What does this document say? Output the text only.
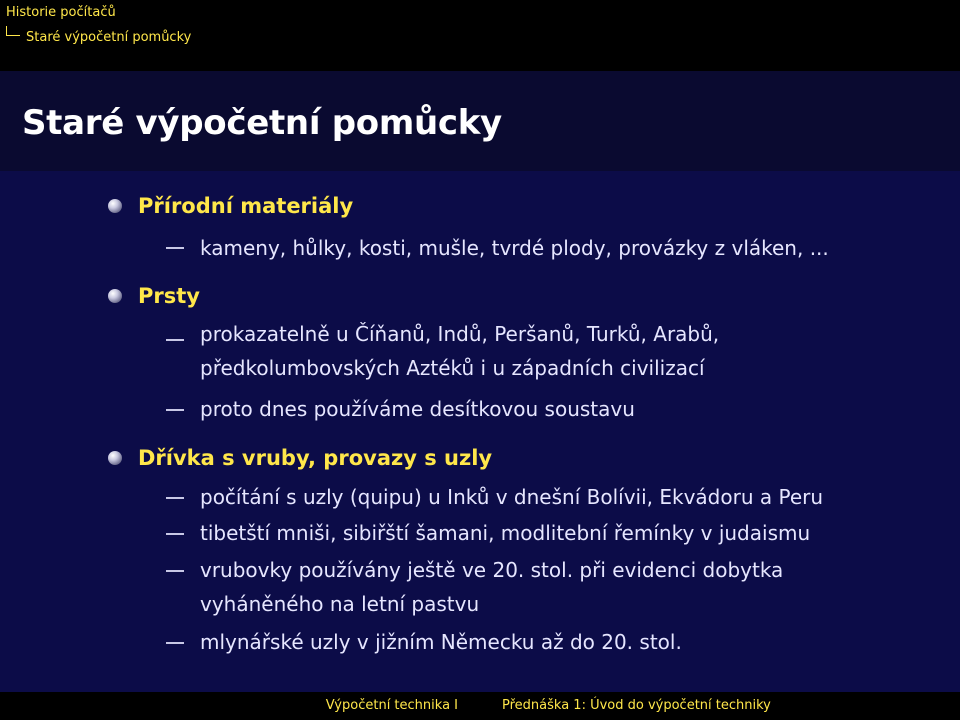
Historie počítačů
Staré výpočetní pomůcky
Staré výpočetní pomůcky
Přírodní materiály
kameny, hůlky, kosti, mušle, tvrdé plody, provázky z vláken, ...
Prsty
prokazatelně u Číňanů, Indů, Peršanů, Turků, Arabů, předkolumbovských Aztéků i u západních civilizací
proto dnes používáme desítkovou soustavu
Dřívka s vruby, provazy s uzly
počítání s uzly (quipu) u Inků v dnešní Bolívii, Ekvádoru a Peru
tibetští mniši, sibiřští šamani, modlitební řemínky v judaismu
vrubovky používány ještě ve 20. stol. při evidenci dobytka vyháněného na letní pastvu
mlynářské uzly v jižním Německu až do 20. stol.
Výpočetní technika I	Přednáška 1: Úvod do výpočetní techniky
